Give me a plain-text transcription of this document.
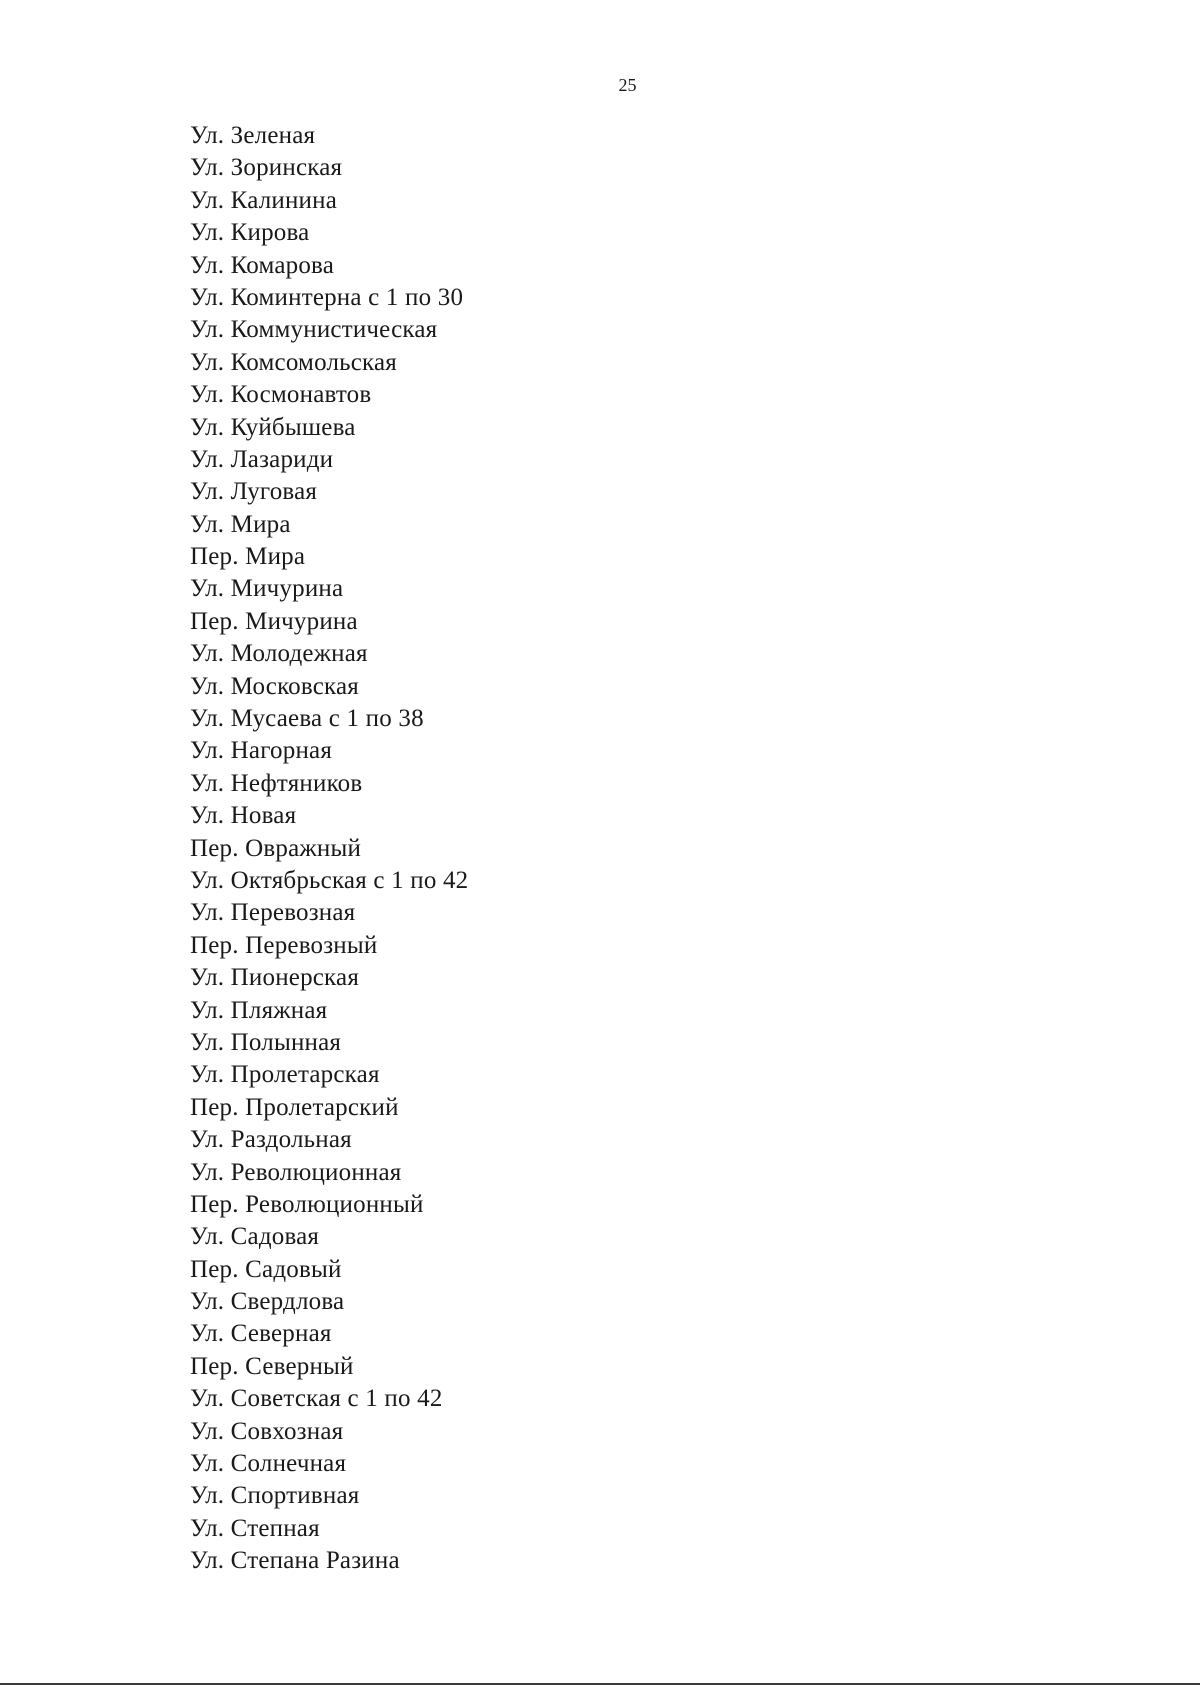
25
Ул. Зеленая
Ул. Зоринская
Ул. Калинина
Ул. Кирова
Ул. Комарова
Ул. Коминтерна с 1 по 30
Ул. Коммунистическая
Ул. Комсомольская
Ул. Космонавтов
Ул. Куйбышева
Ул. Лазариди
Ул. Луговая
Ул. Мира
Пер. Мира
Ул. Мичурина
Пер. Мичурина
Ул. Молодежная
Ул. Московская
Ул. Мусаева с 1 по 38
Ул. Нагорная
Ул. Нефтяников
Ул. Новая
Пер. Овражный
Ул. Октябрьская с 1 по 42
Ул. Перевозная
Пер. Перевозный
Ул. Пионерская
Ул. Пляжная
Ул. Полынная
Ул. Пролетарская
Пер. Пролетарский
Ул. Раздольная
Ул. Революционная
Пер. Революционный
Ул. Садовая
Пер. Садовый
Ул. Свердлова
Ул. Северная
Пер. Северный
Ул. Советская с 1 по 42
Ул. Совхозная
Ул. Солнечная
Ул. Спортивная
Ул. Степная
Ул. Степана Разина
